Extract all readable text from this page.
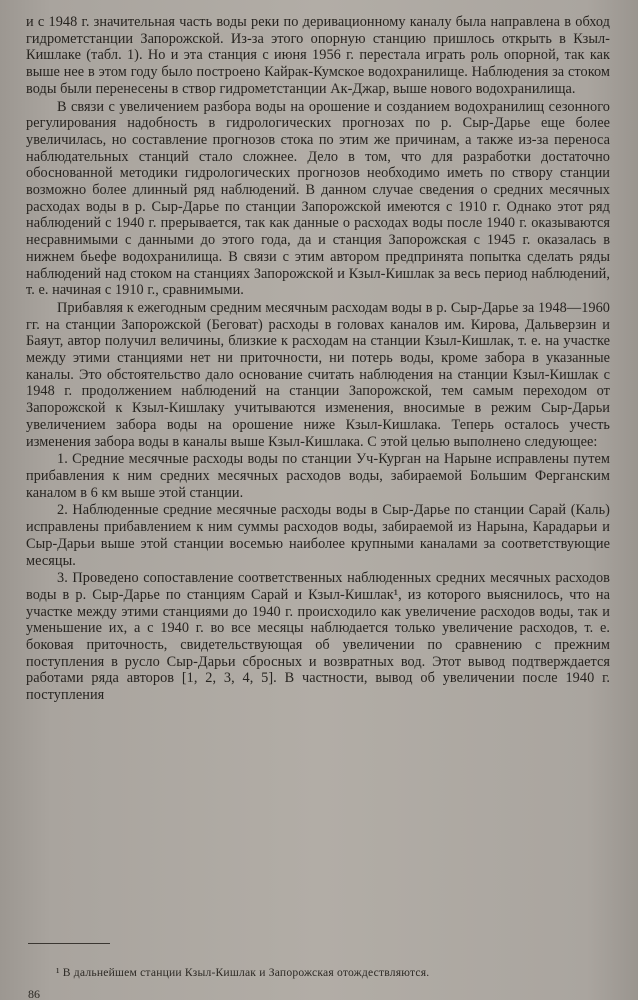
и с 1948 г. значительная часть воды реки по деривационному каналу была направлена в обход гидрометстанции Запорожской. Из-за этого опорную станцию пришлось открыть в Кзыл-Кишлаке (табл. 1). Но и эта станция с июня 1956 г. перестала играть роль опорной, так как выше нее в этом году было построено Кайрак-Кумское водохранилище. Наблюдения за стоком воды были перенесены в створ гидрометстанции Ак-Джар, выше нового водохранилища.

В связи с увеличением разбора воды на орошение и созданием водохранилищ сезонного регулирования надобность в гидрологических прогнозах по р. Сыр-Дарье еще более увеличилась, но составление прогнозов стока по этим же причинам, а также из-за переноса наблюдательных станций стало сложнее. Дело в том, что для разработки достаточно обоснованной методики гидрологических прогнозов необходимо иметь по створу станции возможно более длинный ряд наблюдений. В данном случае сведения о средних месячных расходах воды в р. Сыр-Дарье по станции Запорожской имеются с 1910 г. Однако этот ряд наблюдений с 1940 г. прерывается, так как данные о расходах воды после 1940 г. оказываются несравнимыми с данными до этого года, да и станция Запорожская с 1945 г. оказалась в нижнем бьефе водохранилища. В связи с этим автором предпринята попытка сделать ряды наблюдений над стоком на станциях Запорожской и Кзыл-Кишлак за весь период наблюдений, т. е. начиная с 1910 г., сравнимыми.

Прибавляя к ежегодным средним месячным расходам воды в р. Сыр-Дарье за 1948—1960 гг. на станции Запорожской (Беговат) расходы в головах каналов им. Кирова, Дальверзин и Баяут, автор получил величины, близкие к расходам на станции Кзыл-Кишлак, т. е. на участке между этими станциями нет ни приточности, ни потерь воды, кроме забора в указанные каналы. Это обстоятельство дало основание считать наблюдения на станции Кзыл-Кишлак с 1948 г. продолжением наблюдений на станции Запорожской, тем самым переходом от Запорожской к Кзыл-Кишлаку учитываются изменения, вносимые в режим Сыр-Дарьи увеличением забора воды на орошение ниже Кзыл-Кишлака. Теперь осталось учесть изменения забора воды в каналы выше Кзыл-Кишлака. С этой целью выполнено следующее:

1. Средние месячные расходы воды по станции Уч-Курган на Нарыне исправлены путем прибавления к ним средних месячных расходов воды, забираемой Большим Ферганским каналом в 6 км выше этой станции.

2. Наблюденные средние месячные расходы воды в Сыр-Дарье по станции Сарай (Каль) исправлены прибавлением к ним суммы расходов воды, забираемой из Нарына, Карадарьи и Сыр-Дарьи выше этой станции восемью наиболее крупными каналами за соответствующие месяцы.

3. Проведено сопоставление соответственных наблюденных средних месячных расходов воды в р. Сыр-Дарье по станциям Сарай и Кзыл-Кишлак¹, из которого выяснилось, что на участке между этими станциями до 1940 г. происходило как увеличение расходов воды, так и уменьшение их, а с 1940 г. во все месяцы наблюдается только увеличение расходов, т. е. боковая приточность, свидетельствующая об увеличении по сравнению с прежним поступления в русло Сыр-Дарьи сбросных и возвратных вод. Этот вывод подтверждается работами ряда авторов [1, 2, 3, 4, 5]. В частности, вывод об увеличении после 1940 г. поступления

¹ В дальнейшем станции Кзыл-Кишлак и Запорожская отождествляются.
86
